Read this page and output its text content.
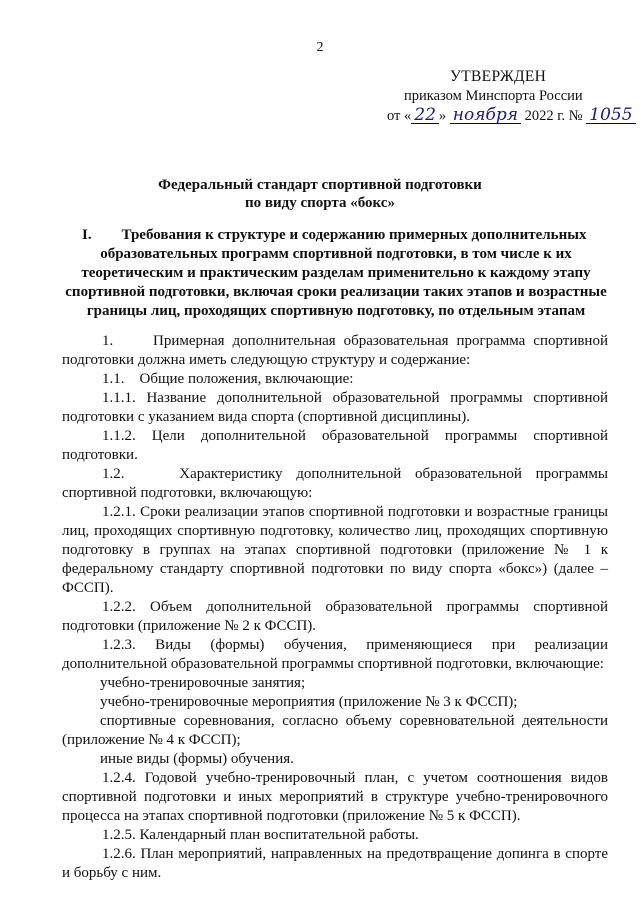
2
УТВЕРЖДЕН
приказом Минспорта России
от « 22 » ноября 2022 г. № 1055
Федеральный стандарт спортивной подготовки
по виду спорта «бокс»
I.	Требования к структуре и содержанию примерных дополнительных образовательных программ спортивной подготовки, в том числе к их теоретическим и практическим разделам применительно к каждому этапу спортивной подготовки, включая сроки реализации таких этапов и возрастные границы лиц, проходящих спортивную подготовку, по отдельным этапам

1.     Примерная дополнительная образовательная программа спортивной подготовки должна иметь следующую структуру и содержание:

1.1.    Общие положения, включающие:

1.1.1. Название дополнительной образовательной программы спортивной подготовки с указанием вида спорта (спортивной дисциплины).

1.1.2. Цели дополнительной образовательной программы спортивной подготовки.

1.2.    Характеристику дополнительной образовательной программы спортивной подготовки, включающую:

1.2.1. Сроки реализации этапов спортивной подготовки и возрастные границы лиц, проходящих спортивную подготовку, количество лиц, проходящих спортивную подготовку в группах на этапах спортивной подготовки (приложение № 1 к федеральному стандарту спортивной подготовки по виду спорта «бокс») (далее – ФССП).

1.2.2. Объем дополнительной образовательной программы спортивной подготовки (приложение № 2 к ФССП).

1.2.3. Виды (формы) обучения, применяющиеся при реализации дополнительной образовательной программы спортивной подготовки, включающие:

учебно-тренировочные занятия;

учебно-тренировочные мероприятия (приложение № 3 к ФССП);

спортивные соревнования, согласно объему соревновательной деятельности (приложение № 4 к ФССП);

иные виды (формы) обучения.

1.2.4. Годовой учебно-тренировочный план, с учетом соотношения видов спортивной подготовки и иных мероприятий в структуре учебно-тренировочного процесса на этапах спортивной подготовки (приложение № 5 к ФССП).

1.2.5. Календарный план воспитательной работы.

1.2.6. План мероприятий, направленных на предотвращение допинга в спорте и борьбу с ним.
